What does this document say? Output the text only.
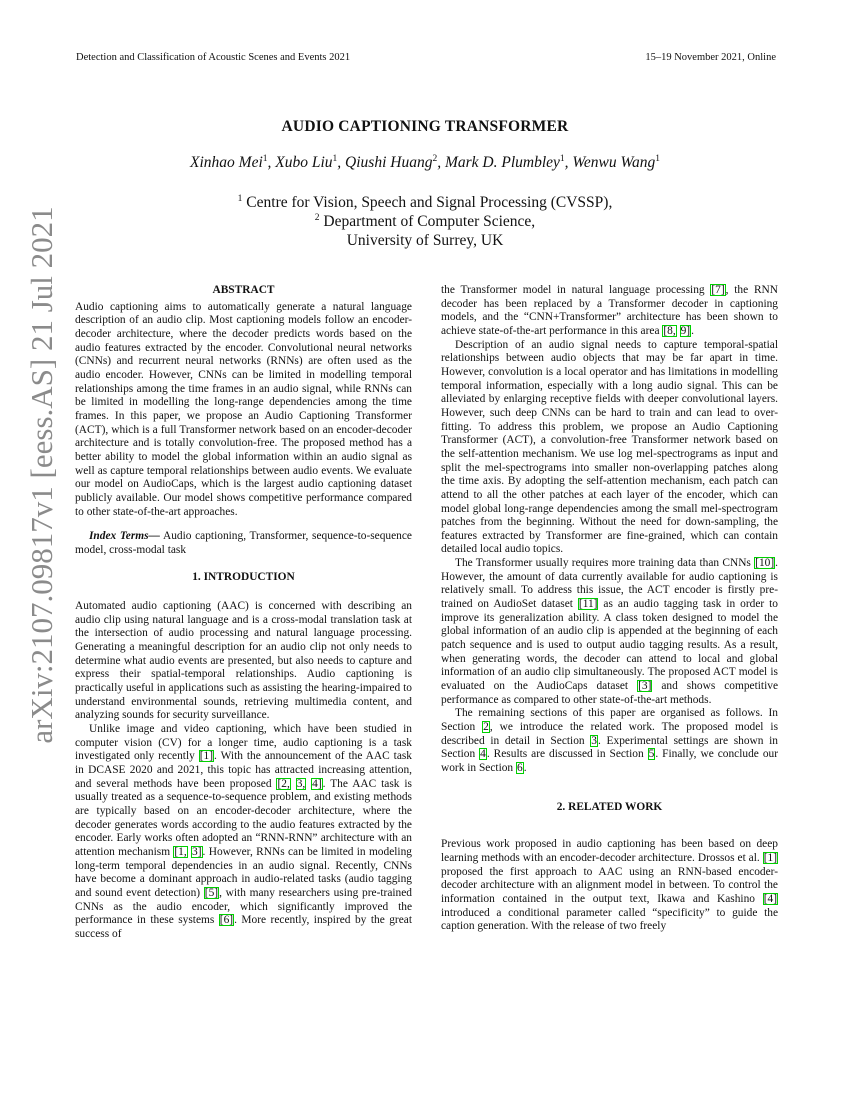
Detection and Classification of Acoustic Scenes and Events 2021	15–19 November 2021, Online
AUDIO CAPTIONING TRANSFORMER
Xinhao Mei$^1$, Xubo Liu$^1$, Qiushi Huang$^2$, Mark D. Plumbley$^1$, Wenwu Wang$^1$
$^1$ Centre for Vision, Speech and Signal Processing (CVSSP),
$^2$ Department of Computer Science,
University of Surrey, UK
arXiv:2107.09817v1 [eess.AS] 21 Jul 2021	ABSTRACT

Audio captioning aims to automatically generate a natural language description of an audio clip. Most captioning models follow an encoder-decoder architecture, where the decoder predicts words based on the audio features extracted by the encoder. Convolutional neural networks (CNNs) and recurrent neural networks (RNNs) are often used as the audio encoder. However, CNNs can be limited in modelling temporal relationships among the time frames in an audio signal, while RNNs can be limited in modelling the long-range dependencies among the time frames. In this paper, we propose an Audio Captioning Transformer (ACT), which is a full Transformer network based on an encoder-decoder architecture and is totally convolution-free. The proposed method has a better ability to model the global information within an audio signal as well as capture temporal relationships between audio events. We evaluate our model on AudioCaps, which is the largest audio captioning dataset publicly available. Our model shows competitive performance compared to other state-of-the-art approaches.

Index Terms— Audio captioning, Transformer, sequence-to-sequence model, cross-modal task

1. INTRODUCTION

Automated audio captioning (AAC) is concerned with describing an audio clip using natural language and is a cross-modal translation task at the intersection of audio processing and natural language processing. Generating a meaningful description for an audio clip not only needs to determine what audio events are presented, but also needs to capture and express their spatial-temporal relationships. Audio captioning is practically useful in applications such as assisting the hearing-impaired to understand environmental sounds, retrieving multimedia content, and analyzing sounds for security surveillance.

Unlike image and video captioning, which have been studied in computer vision (CV) for a longer time, audio captioning is a task investigated only recently [1]. With the announcement of the AAC task in DCASE 2020 and 2021, this topic has attracted increasing attention, and several methods have been proposed [2, 3, 4]. The AAC task is usually treated as a sequence-to-sequence problem, and existing methods are typically based on an encoder-decoder architecture, where the decoder generates words according to the audio features extracted by the encoder. Early works often adopted an “RNN-RNN” architecture with an attention mechanism [1, 3]. However, RNNs can be limited in modeling long-term temporal dependencies in an audio signal. Recently, CNNs have become a dominant approach in audio-related tasks (audio tagging and sound event detection) [5], with many researchers using pre-trained CNNs as the audio encoder, which significantly improved the performance in these systems [6]. More recently, inspired by the great success of

the Transformer model in natural language processing [7], the RNN decoder has been replaced by a Transformer decoder in captioning models, and the “CNN+Transformer” architecture has been shown to achieve state-of-the-art performance in this area [8, 9].

Description of an audio signal needs to capture temporal-spatial relationships between audio objects that may be far apart in time. However, convolution is a local operator and has limitations in modelling temporal information, especially with a long audio signal. This can be alleviated by enlarging receptive fields with deeper convolutional layers. However, such deep CNNs can be hard to train and can lead to over-fitting. To address this problem, we propose an Audio Captioning Transformer (ACT), a convolution-free Transformer network based on the self-attention mechanism. We use log mel-spectrograms as input and split the mel-spectrograms into smaller non-overlapping patches along the time axis. By adopting the self-attention mechanism, each patch can attend to all the other patches at each layer of the encoder, which can model global long-range dependencies among the small mel-spectrogram patches from the beginning. Without the need for down-sampling, the features extracted by Transformer are fine-grained, which can contain detailed local audio topics.

The Transformer usually requires more training data than CNNs [10]. However, the amount of data currently available for audio captioning is relatively small. To address this issue, the ACT encoder is firstly pre-trained on AudioSet dataset [11] as an audio tagging task in order to improve its generalization ability. A class token designed to model the global information of an audio clip is appended at the beginning of each patch sequence and is used to output audio tagging results. As a result, when generating words, the decoder can attend to local and global information of an audio clip simultaneously. The proposed ACT model is evaluated on the AudioCaps dataset [3] and shows competitive performance as compared to other state-of-the-art methods.

The remaining sections of this paper are organised as follows. In Section 2, we introduce the related work. The proposed model is described in detail in Section 3. Experimental settings are shown in Section 4. Results are discussed in Section 5. Finally, we conclude our work in Section 6.

2. RELATED WORK

Previous work proposed in audio captioning has been based on deep learning methods with an encoder-decoder architecture. Drossos et al. [1] proposed the first approach to AAC using an RNN-based encoder-decoder architecture with an alignment model in between. To control the information contained in the output text, Ikawa and Kashino [4] introduced a conditional parameter called “specificity” to guide the caption generation. With the release of two freely
